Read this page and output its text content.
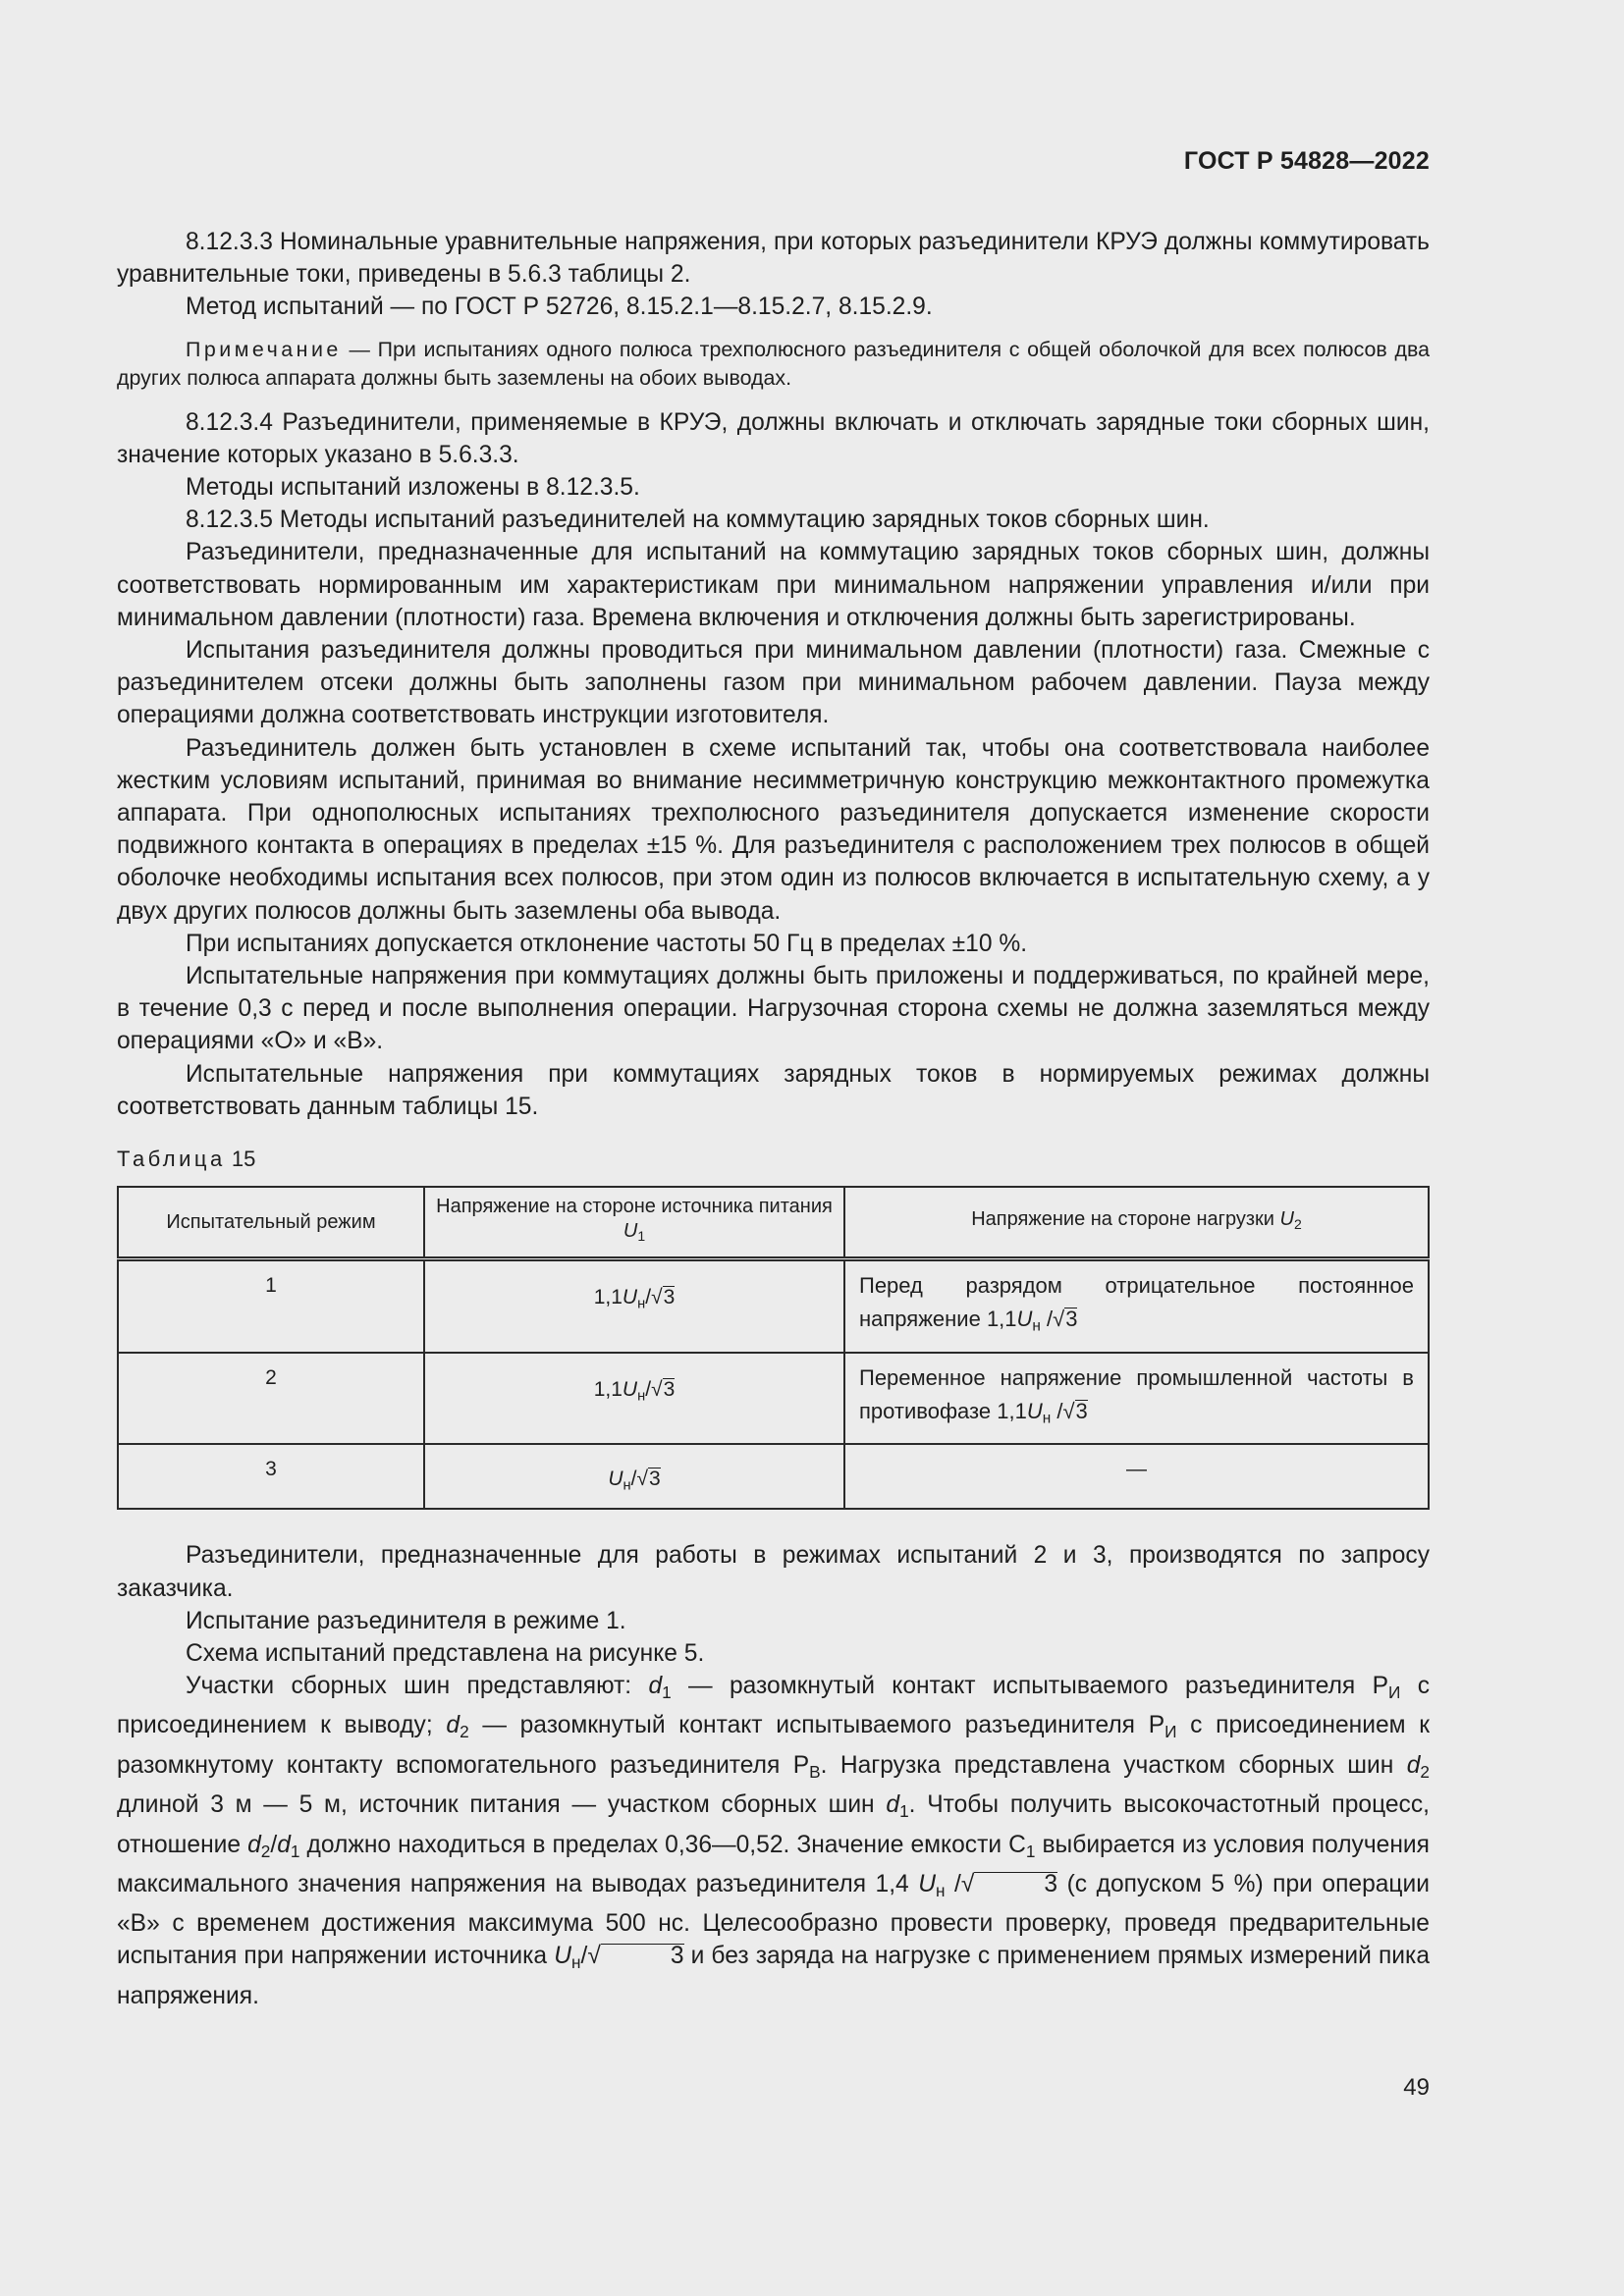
ГОСТ Р 54828—2022

8.12.3.3 Номинальные уравнительные напряжения, при которых разъединители КРУЭ должны коммутировать уравнительные токи, приведены в 5.6.3 таблицы 2.

Метод испытаний — по ГОСТ Р 52726, 8.15.2.1—8.15.2.7, 8.15.2.9.

Примечание — При испытаниях одного полюса трехполюсного разъединителя с общей оболочкой для всех полюсов два других полюса аппарата должны быть заземлены на обоих выводах.

8.12.3.4 Разъединители, применяемые в КРУЭ, должны включать и отключать зарядные токи сборных шин, значение которых указано в 5.6.3.3.

Методы испытаний изложены в 8.12.3.5.

8.12.3.5 Методы испытаний разъединителей на коммутацию зарядных токов сборных шин.

Разъединители, предназначенные для испытаний на коммутацию зарядных токов сборных шин, должны соответствовать нормированным им характеристикам при минимальном напряжении управления и/или при минимальном давлении (плотности) газа. Времена включения и отключения должны быть зарегистрированы.

Испытания разъединителя должны проводиться при минимальном давлении (плотности) газа. Смежные с разъединителем отсеки должны быть заполнены газом при минимальном рабочем давлении. Пауза между операциями должна соответствовать инструкции изготовителя.

Разъединитель должен быть установлен в схеме испытаний так, чтобы она соответствовала наиболее жестким условиям испытаний, принимая во внимание несимметричную конструкцию межконтактного промежутка аппарата. При однополюсных испытаниях трехполюсного разъединителя допускается изменение скорости подвижного контакта в операциях в пределах ±15 %. Для разъединителя с расположением трех полюсов в общей оболочке необходимы испытания всех полюсов, при этом один из полюсов включается в испытательную схему, а у двух других полюсов должны быть заземлены оба вывода.

При испытаниях допускается отклонение частоты 50 Гц в пределах ±10 %.

Испытательные напряжения при коммутациях должны быть приложены и поддерживаться, по крайней мере, в течение 0,3 с перед и после выполнения операции. Нагрузочная сторона схемы не должна заземляться между операциями «О» и «В».

Испытательные напряжения при коммутациях зарядных токов в нормируемых режимах должны соответствовать данным таблицы 15.

Таблица 15
Испытательный режим	Напряжение на стороне источника питания $U_1$	Напряжение на стороне нагрузки $U_2$
1	$1,1U_н/√3$	Перед разрядом отрицательное постоянное напряжение $1,1U_н$ /√3
2	$1,1U_н/√3$	Переменное напряжение промышленной частоты в противофазе $1,1U_н$ /√3
3	$U_н/√3$	—

Разъединители, предназначенные для работы в режимах испытаний 2 и 3, производятся по запросу заказчика.

Испытание разъединителя в режиме 1.

Схема испытаний представлена на рисунке 5.

Участки сборных шин представляют: $d_1$ — разомкнутый контакт испытываемого разъединителя $Р_И$ с присоединением к выводу; $d_2$ — разомкнутый контакт испытываемого разъединителя $Р_И$ с присоединением к разомкнутому контакту вспомогательного разъединителя $Р_В$. Нагрузка представлена участком сборных шин $d_2$ длиной 3 м — 5 м, источник питания — участком сборных шин $d_1$. Чтобы получить высокочастотный процесс, отношение $d_2/d_1$ должно находиться в пределах 0,36—0,52. Значение емкости $С_1$ выбирается из условия получения максимального значения напряжения на выводах разъединителя 1,4 $U_н$ /√	3 (с допуском 5 %) при операции «В» с временем достижения максимума 500 нс. Целесообразно провести проверку, проведя предварительные испытания при напряжении источника $U_н/√$	3 и без заряда на нагрузке с применением прямых измерений пика напряжения.

49
